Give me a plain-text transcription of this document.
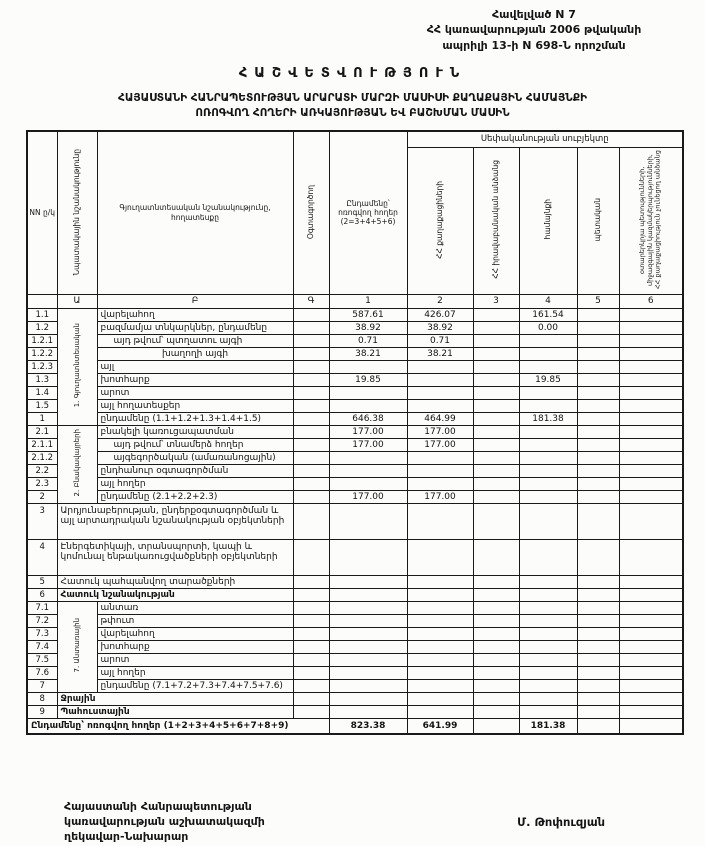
Հավելված N 7
ՀՀ կառավարության 2006 թվականի
ապրիլի 13-ի N 698-Ն որոշման
ՀԱՇՎԵՏՎՈՒԹՅՈՒՆ
ՀԱՅԱՍՏԱՆԻ ՀԱՆՐԱՊԵՏՈՒԹՅԱՆ ԱՐԱՐԱՏԻ ՄԱՐԶԻ ՄԱՍԻՍԻ ՔԱՂԱՔԱՅԻՆ ՀԱՄԱՅՆՔԻ
ՈՌՈԳՎՈՂ ՀՈՂԵՐԻ ԱՌԿԱՅՈՒԹՅԱՆ ԵՎ ԲԱՇԽՄԱՆ ՄԱՍԻՆ
NN ը/կ	Նպատակային նշանակությունը	Գյուղատնտեսական նշանակությունը, հողատեսքը	Օգտագործող	Ընդամենը՝ ոռոգվող հողեր (2=3+4+5+6)	Սեփականության սուբյեկտը				
					ՀՀ քաղաքացիների	ՀՀ իրավաբանական անձանց	համայնքի	պետական	օտարերկրյա պետությունների, միջազգային կազմակերպությունների, ՀՀ քաղաքացիություն չունեցող անձանց
	Ա	Բ	Գ	1	2	3	4	5	6
1.1	1. Գյուղատնտեսական	վարելահող		587.61	426.07		161.54		
1.2		բազմամյա տնկարկներ, ընդամենը		38.92	38.92		0.00		
1.2.1		այդ թվում՝ պտղատու այգի		0.71	0.71				
1.2.2		խաղողի այգի		38.21	38.21				
1.2.3		այլ							
1.3		խոտհարք		19.85			19.85		
1.4		արոտ							
1.5		այլ հողատեսքեր							
1		ընդամենը (1.1+1.2+1.3+1.4+1.5)		646.38	464.99		181.38		
2.1	2. Բնակավայրերի	բնակելի կառուցապատման		177.00	177.00				
2.1.1		այդ թվում՝ տնամերձ հողեր		177.00	177.00				
2.1.2		այգեգործական (ամառանոցային)							
2.2		ընդհանուր օգտագործման							
2.3		այլ հողեր							
2		ընդամենը (2.1+2.2+2.3)		177.00	177.00				
3	Արդյունաբերության, ընդերքօգտագործման և այլ արտադրական նշանակության օբյեկտների								
4	Էներգետիկայի, տրանսպորտի, կապի և կոմունալ ենթակառուցվածքների օբյեկտների								
5	Հատուկ պահպանվող տարածքների								
6	Հատուկ նշանակության								
7.1	7. Անտառային	անտառ							
7.2		թփուտ							
7.3		վարելահող							
7.4		խոտհարք							
7.5		արոտ							
7.6		այլ հողեր							
7		ընդամենը (7.1+7.2+7.3+7.4+7.5+7.6)							
8	Ջրային								
9	Պահուստային								
Ընդամենը՝ ոռոգվող հողեր (1+2+3+4+5+6+7+8+9)				823.38	641.99		181.38		
Հայաստանի Հանրապետության
կառավարության աշխատակազմի
ղեկավար-Նախարար
Մ. Թոփուզյան
